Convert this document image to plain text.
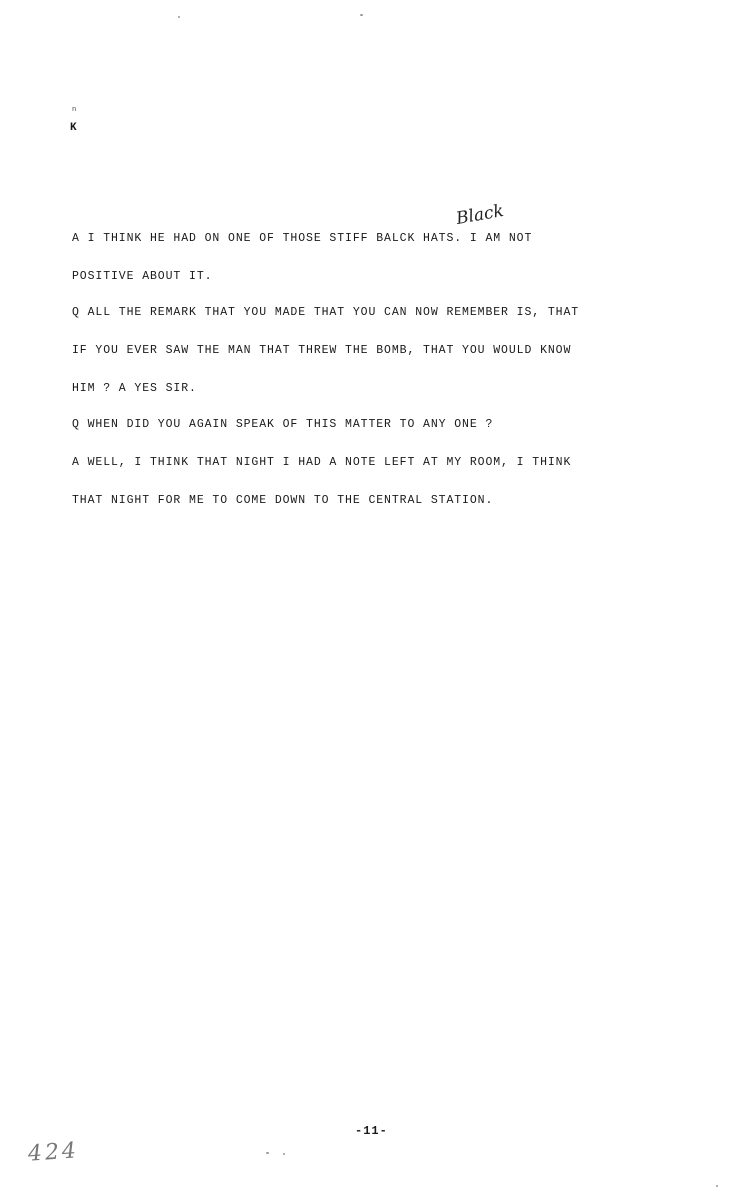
n
K
Black
A I THINK HE HAD ON ONE OF THOSE STIFF BALCK HATS. I AM NOT
POSITIVE ABOUT IT.
Q ALL THE REMARK THAT YOU MADE THAT YOU CAN NOW REMEMBER IS, THAT
IF YOU EVER SAW THE MAN THAT THREW THE BOMB, THAT YOU WOULD KNOW
HIM ? A YES SIR.
Q WHEN DID YOU AGAIN SPEAK OF THIS MATTER TO ANY ONE ?
A WELL, I THINK THAT NIGHT I HAD A NOTE LEFT AT MY ROOM, I THINK
THAT NIGHT FOR ME TO COME DOWN TO THE CENTRAL STATION.
-11-
424
